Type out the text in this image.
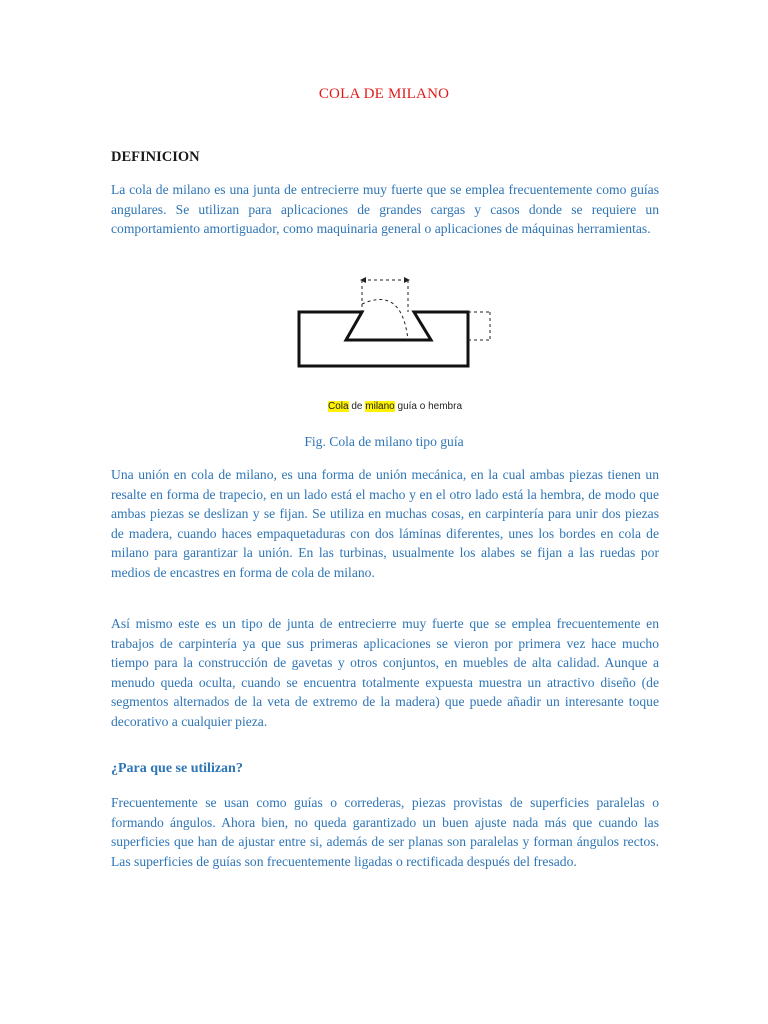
COLA DE MILANO
DEFINICION

La cola de milano es una junta de entrecierre muy fuerte que se emplea frecuentemente como guías angulares. Se utilizan para aplicaciones de grandes cargas y casos donde se requiere un comportamiento amortiguador, como maquinaria general o aplicaciones de máquinas herramientas.

Cola de milano guía o hembra
Fig. Cola de milano tipo guía

Una unión en cola de milano, es una forma de unión mecánica, en la cual ambas piezas tienen un resalte en forma de trapecio, en un lado está el macho y en el otro lado está la hembra, de modo que ambas piezas se deslizan y se fijan. Se utiliza en muchas cosas, en carpintería para unir dos piezas de madera, cuando haces empaquetaduras con dos láminas diferentes, unes los bordes en cola de milano para garantizar la unión. En las turbinas, usualmente los alabes se fijan a las ruedas por medios de encastres en forma de cola de milano.

Así mismo este es un tipo de junta de entrecierre muy fuerte que se emplea frecuentemente en trabajos de carpintería ya que sus primeras aplicaciones se vieron por primera vez hace mucho tiempo para la construcción de gavetas y otros conjuntos, en muebles de alta calidad. Aunque a menudo queda oculta, cuando se encuentra totalmente expuesta muestra un atractivo diseño (de segmentos alternados de la veta de extremo de la madera) que puede añadir un interesante toque decorativo a cualquier pieza.

¿Para que se utilizan?

Frecuentemente se usan como guías o correderas, piezas provistas de superficies paralelas o formando ángulos. Ahora bien, no queda garantizado un buen ajuste nada más que cuando las superficies que han de ajustar entre si, además de ser planas son paralelas y forman ángulos rectos. Las superficies de guías son frecuentemente ligadas o rectificada después del fresado.
